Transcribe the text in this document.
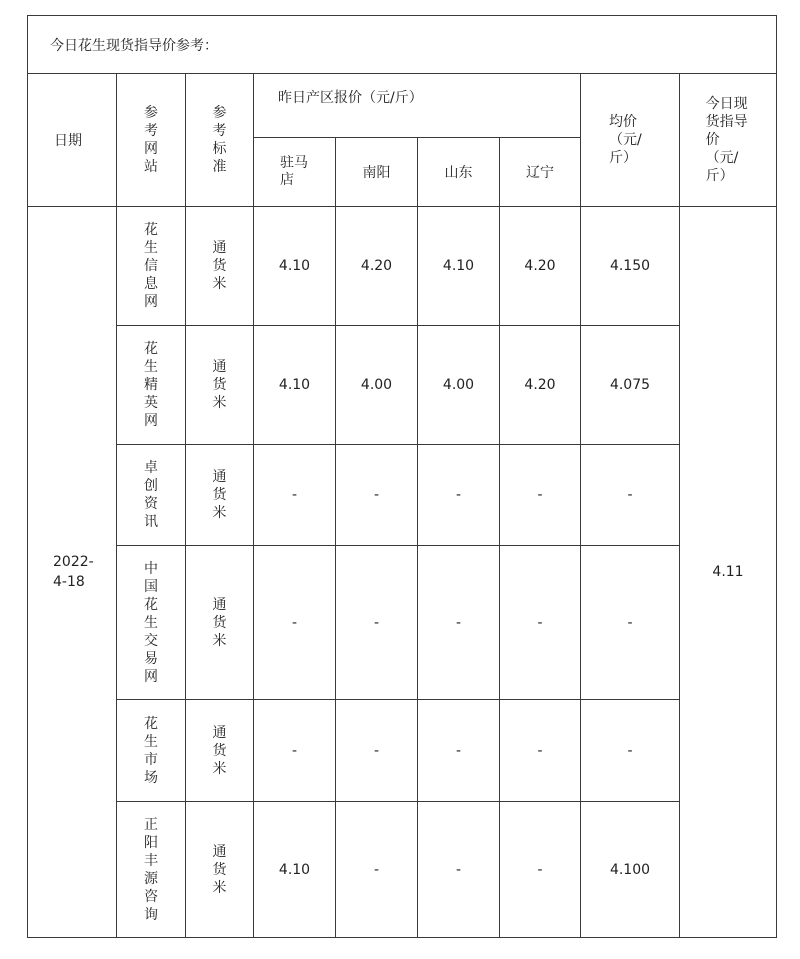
今日花生现货指导价参考：								
日期	参考网站	参考标准	昨日产区报价（元/斤）				均价（元/斤）	今日现货指导价（元/斤）
			驻马店	南阳	山东	辽宁		
2022-4-18	花生信息网	通货米	4.10	4.20	4.10	4.20	4.150	4.11
	花生精英网	通货米	4.10	4.00	4.00	4.20	4.075	
	卓创资讯	通货米	-	-	-	-	-	
	中国花生交易网	通货米	-	-	-	-	-	
	花生市场	通货米	-	-	-	-	-	
	正阳丰源咨询	通货米	4.10	-	-	-	4.100	
